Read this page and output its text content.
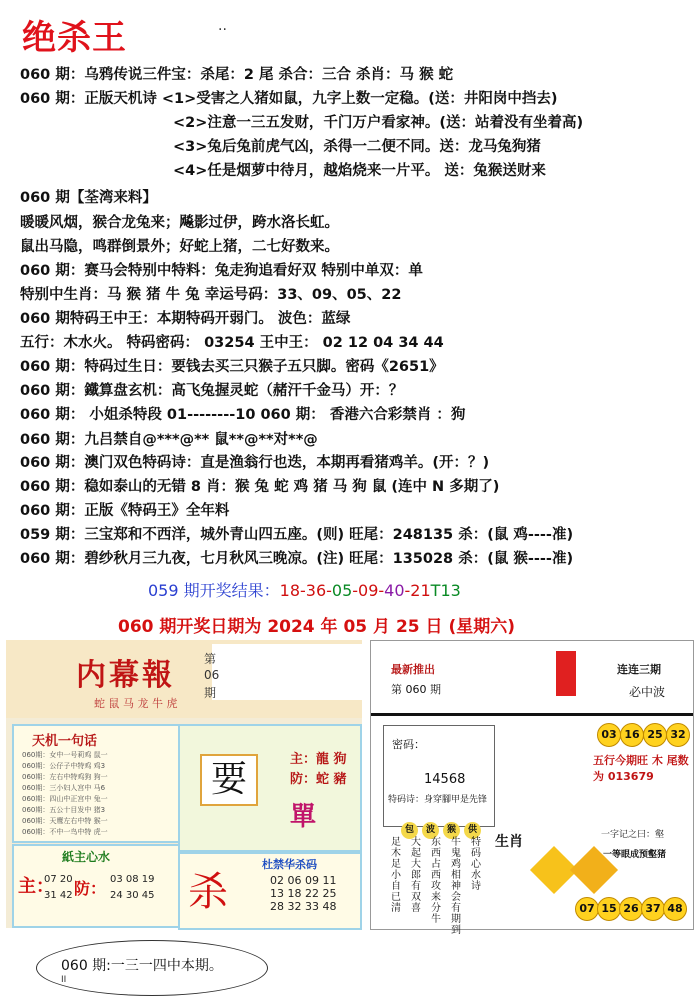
绝杀王	··
060 期：乌鸦传说三件宝：杀尾：2 尾 杀合：三合 杀肖：马 猴 蛇
060 期：正版天机诗 <1>受害之人猪如鼠，九字上数一定稳。(送：井阳岗中挡去)
<2>注意一三五发财，千门万户看家神。(送：站着没有坐着高)
<3>兔后兔前虎气凶，杀得一二便不同。送：龙马兔狗猪
<4>任是烟萝中待月，越焰烧来一片平。 送：兔猴送财来
060 期【荃湾来料】
暖暖风烟，猴合龙兔来；飚影过伊，跨水洛长虹。
鼠出马隐，鸣群倒景外；好蛇上猪，二七好数来。
060 期：赛马会特别中特料：兔走狗追看好双 特别中单双：单
特别中生肖：马 猴 猪 牛 兔 幸运号码：33、09、05、22
060 期特码王中王：本期特码开弱门。 波色：蓝绿
五行：木水火。 特码密码： 03254 王中王： 02 12 04 34 44
060 期：特码过生日：要钱去买三只猴子五只脚。密码《2651》
060 期：鐵算盘玄机：高飞兔握灵蛇（赭汗千金马）开：？
060 期： 小姐杀特段 01--------10 060 期： 香港六合彩禁肖 ：狗
060 期：九吕禁自@***@** 鼠**@**对**@
060 期：澳门双色特码诗：直是渔翁行也迭，本期再看猪鸡羊。(开：？)
060 期：稳如泰山的无错 8 肖：猴 兔 蛇 鸡 猪 马 狗 鼠 (连中 N 多期了)
060 期：正版《特码王》全年料
059 期：三宝郑和不西洋，城外青山四五座。(则) 旺尾：248135 杀：(鼠 鸡----准)
060 期：碧纱秋月三九夜，七月秋风三晚凉。(注) 旺尾：135028 杀：(鼠 猴----准)
059 期开奖结果：18-36-05-09-40-21T13
060 期开奖日期为 2024 年 05 月 25 日 (星期六)
内幕報
蛇 鼠 马 龙 牛 虎
第
06
期
天机一句话
060期：女中一号莉鸡 鼠一
060期：公仔子中特鸡 鸡3
060期：左右中特鸡狗 狗一
060期：三小妇人宫中 马6
060期：四山中正宫中 兔一
060期：五公十目发中 猪3
060期：天鹰左右中特 猴一
060期：不中一鸟中特 虎一
要	主：龍 狗
防：蛇 豬
單
紙主心水
主： 防：
07 20
31 42
03 08 19
24 30 45 杀
杜禁华杀码
02 06 09 11
13 18 22 25
28 32 33 48
最新推出
第 060 期
连连三期
必中波
03 16 25 32
密码：
14568
特码诗：身穿腳甲是先锋
五行今期旺 木 尾数为 013679
包 波 猴 供
足木足小自已清
大起大郎有双喜
东西占西攻来分牛
牛鬼鸡相神会有期到
特码心水诗
生肖	一字记之曰：壑
一等眼成预壑猪
07 15 26 37 48
060 期:一三一四中本期。
II
